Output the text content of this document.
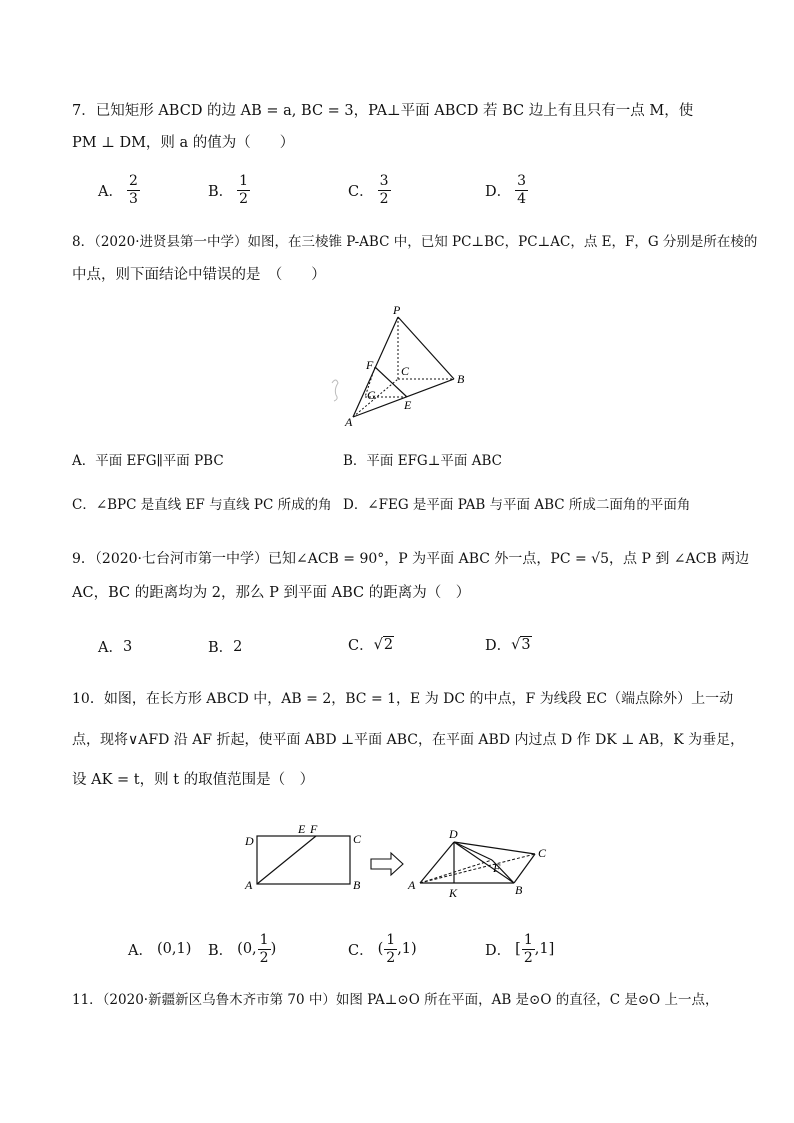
7．已知矩形 ABCD 的边 AB = a, BC = 3，PA⊥平面 ABCD 若 BC 边上有且只有一点 M，使
PM ⊥ DM，则 a 的值为（　　）
A． $\frac{2}{3}$	B． $\frac{1}{2}$	C． $\frac{3}{2}$	D． $\frac{3}{4}$
8．（2020·进贤县第一中学）如图，在三棱锥 P-ABC 中，已知 PC⊥BC，PC⊥AC，点 E，F，G 分别是所在棱的
中点，则下面结论中错误的是　（　　）
P
F C
B
G
E
A
A．平面 EFG∥平面 PBC	B．平面 EFG⊥平面 ABC
C．∠BPC 是直线 EF 与直线 PC 所成的角 D．∠FEG 是平面 PAB 与平面 ABC 所成二面角的平面角
9．（2020·七台河市第一中学）已知∠ACB = 90°，P 为平面 ABC 外一点，PC = √5，点 P 到 ∠ACB 两边
AC，BC 的距离均为 2，那么 P 到平面 ABC 的距离为（　）
A． 3	B． 2	C． √ 2	D． √ 3
10．如图，在长方形 ABCD 中，AB = 2，BC = 1，E 为 DC 的中点，F 为线段 EC（端点除外）上一动
点，现将∨AFD 沿 AF 折起，使平面 ABD ⊥平面 ABC，在平面 ABD 内过点 D 作 DK ⊥ AB，K 为垂足，
设 AK = t，则 t 的取值范围是（　）
D
E F
C
A	B
D
C
F
A
K	B
A． (0,1) B． (0, $\frac{1}{2}$ )	C． ( $\frac{1}{2} ,1$)	D． [ $\frac{1}{2} ,1$]
11．（2020·新疆新区乌鲁木齐市第 70 中）如图 PA⊥⊙O 所在平面，AB 是⊙O 的直径，C 是⊙O 上一点，
